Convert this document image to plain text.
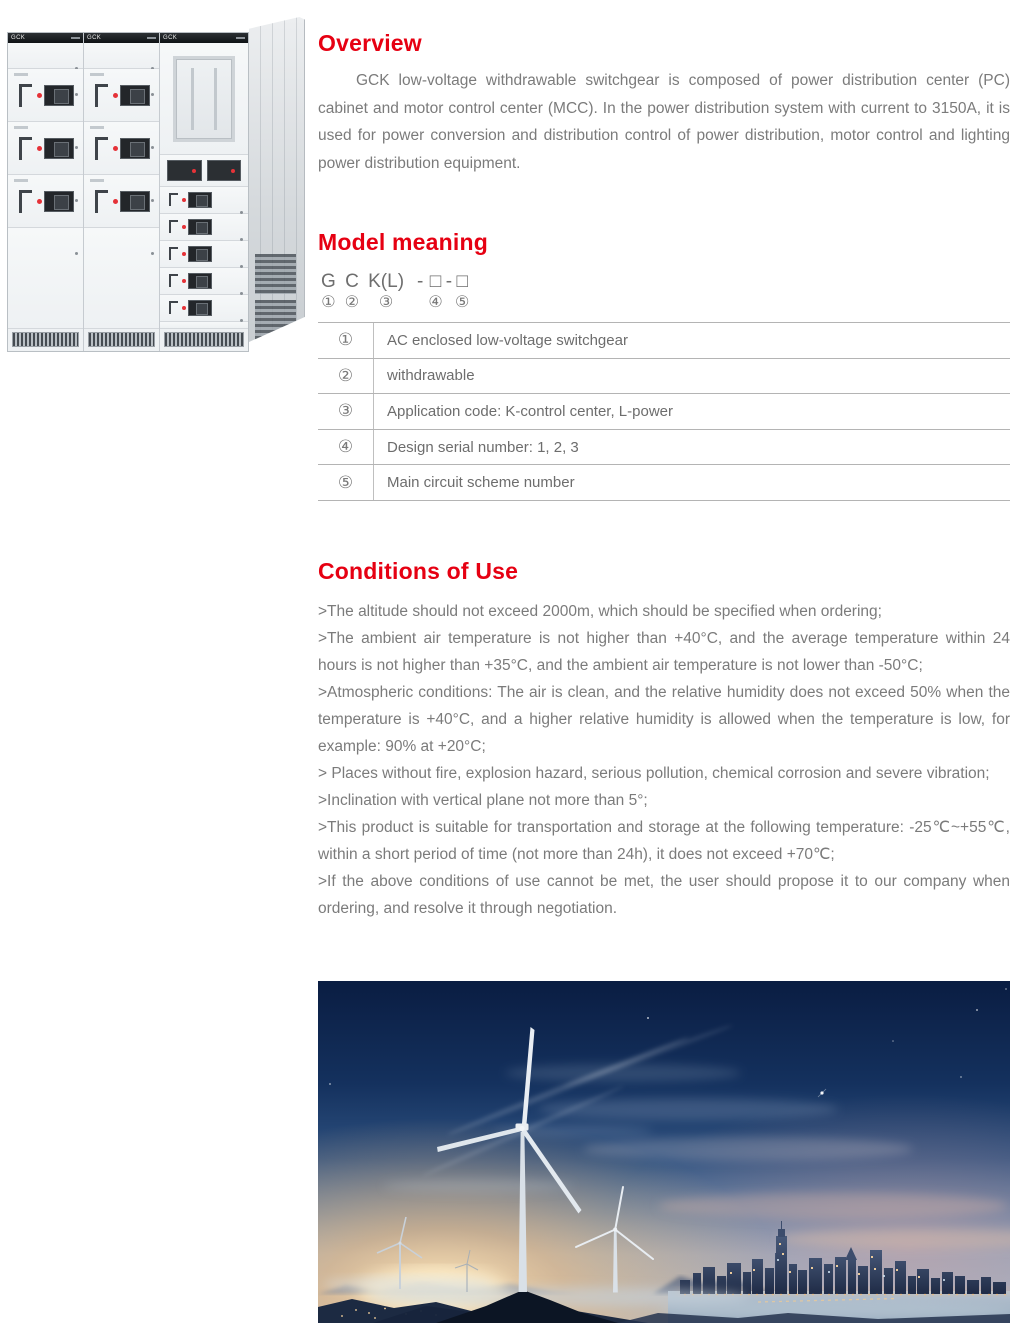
GCK	GCK	GCK	Overview

GCK low-voltage withdrawable switchgear is composed of power distribution center (PC) cabinet and motor control center (MCC). In the power distribution system with current to 3150A, it is used for power conversion and distribution control of power distribution, motor control and lighting power distribution equipment.

Model meaning
G
①
C
②
K(L)
③
- □
④
- □
⑤
①	AC enclosed low-voltage switchgear
②	withdrawable
③	Application code: K-control center, L-power
④	Design serial number: 1, 2, 3
⑤	Main circuit scheme number
Conditions of Use

>The altitude should not exceed 2000m, which should be specified when ordering;

>The ambient air temperature is not higher than +40°C, and the average temperature within 24 hours is not higher than +35°C, and the ambient air temperature is not lower than -50°C;

>Atmospheric conditions: The air is clean, and the relative humidity does not exceed 50% when the temperature is +40°C, and a higher relative humidity is allowed when the temperature is low, for example: 90% at +20°C;

> Places without fire, explosion hazard, serious pollution, chemical corrosion and severe vibration;

>Inclination with vertical plane not more than 5°;

>This product is suitable for transportation and storage at the following temperature: -25℃~+55℃, within a short period of time (not more than 24h), it does not exceed +70℃;

>If the above conditions of use cannot be met, the user should propose it to our company when ordering, and resolve it through negotiation.
